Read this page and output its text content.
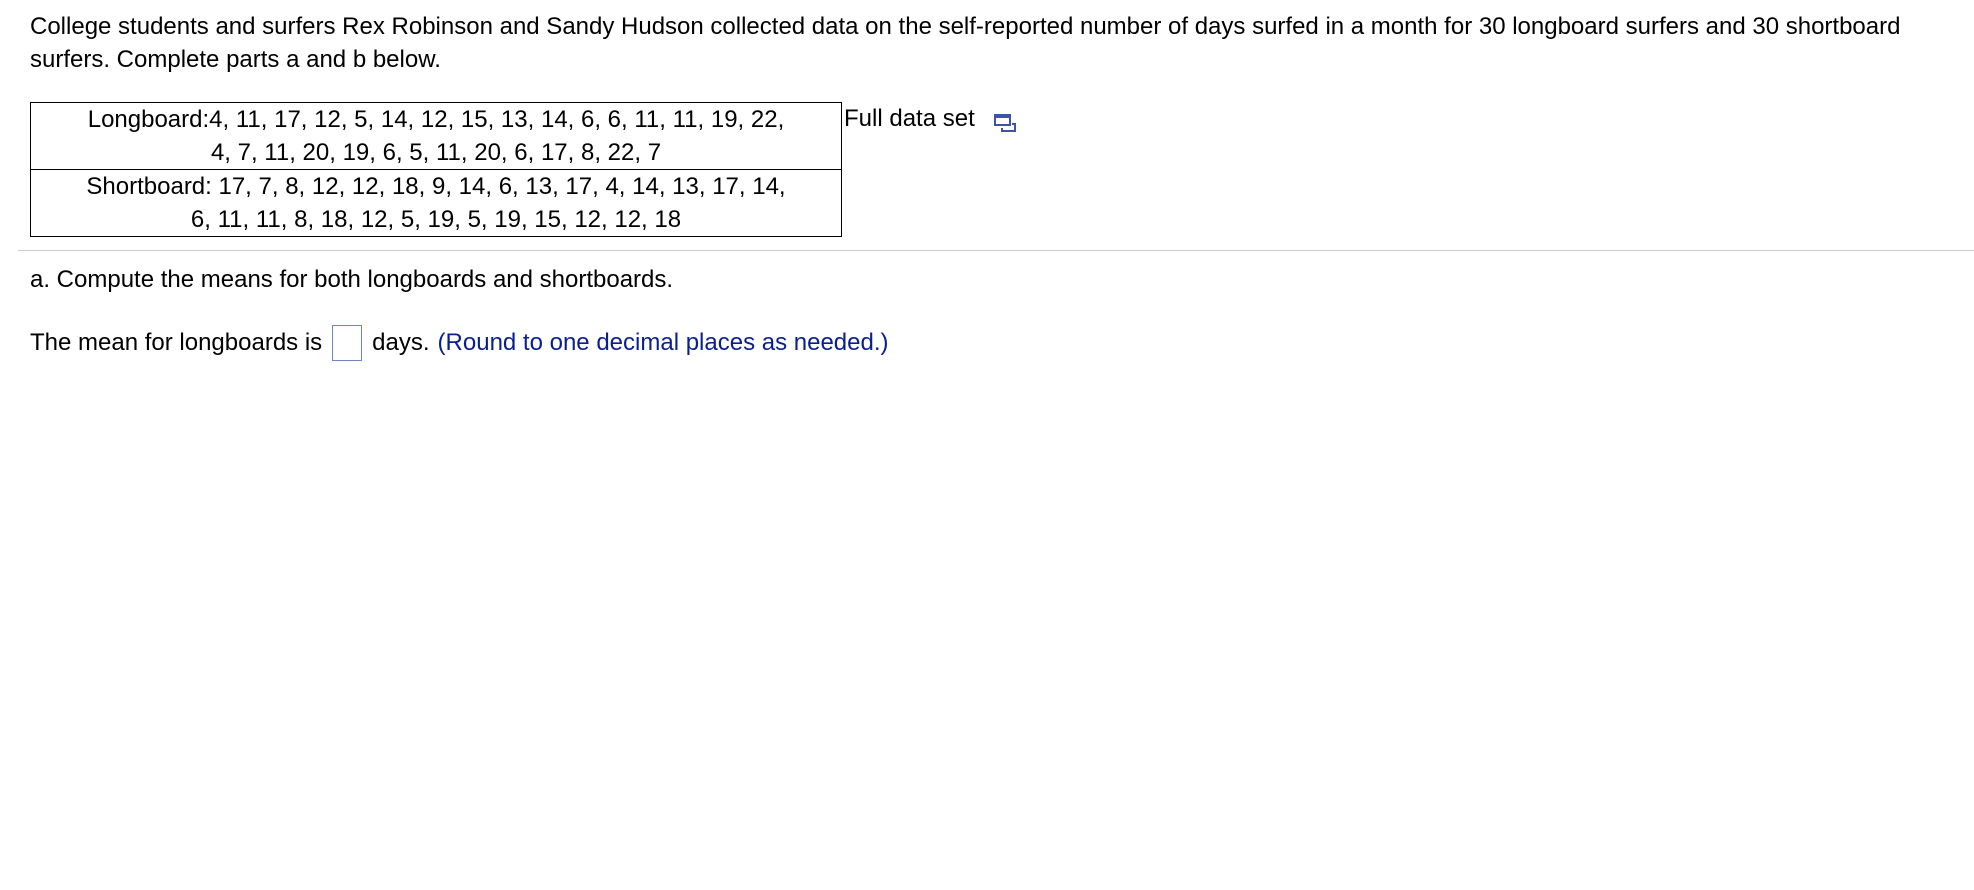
College students and surfers Rex Robinson and Sandy Hudson collected data on the self-reported number of days surfed in a month for 30 longboard surfers and 30 shortboard surfers. Complete parts a and b below.

Longboard:4, 11, 17, 12, 5, 14, 12, 15, 13, 14, 6, 6, 11, 11, 19, 22,
4, 7, 11, 20, 19, 6, 5, 11, 20, 6, 17, 8, 22, 7

Shortboard: 17, 7, 8, 12, 12, 18, 9, 14, 6, 13, 17, 4, 14, 13, 17, 14,
6, 11, 11, 8, 18, 12, 5, 19, 5, 19, 15, 12, 12, 18
Full data set

a. Compute the means for both longboards and shortboards.

The mean for longboards is days. (Round to one decimal places as needed.)
